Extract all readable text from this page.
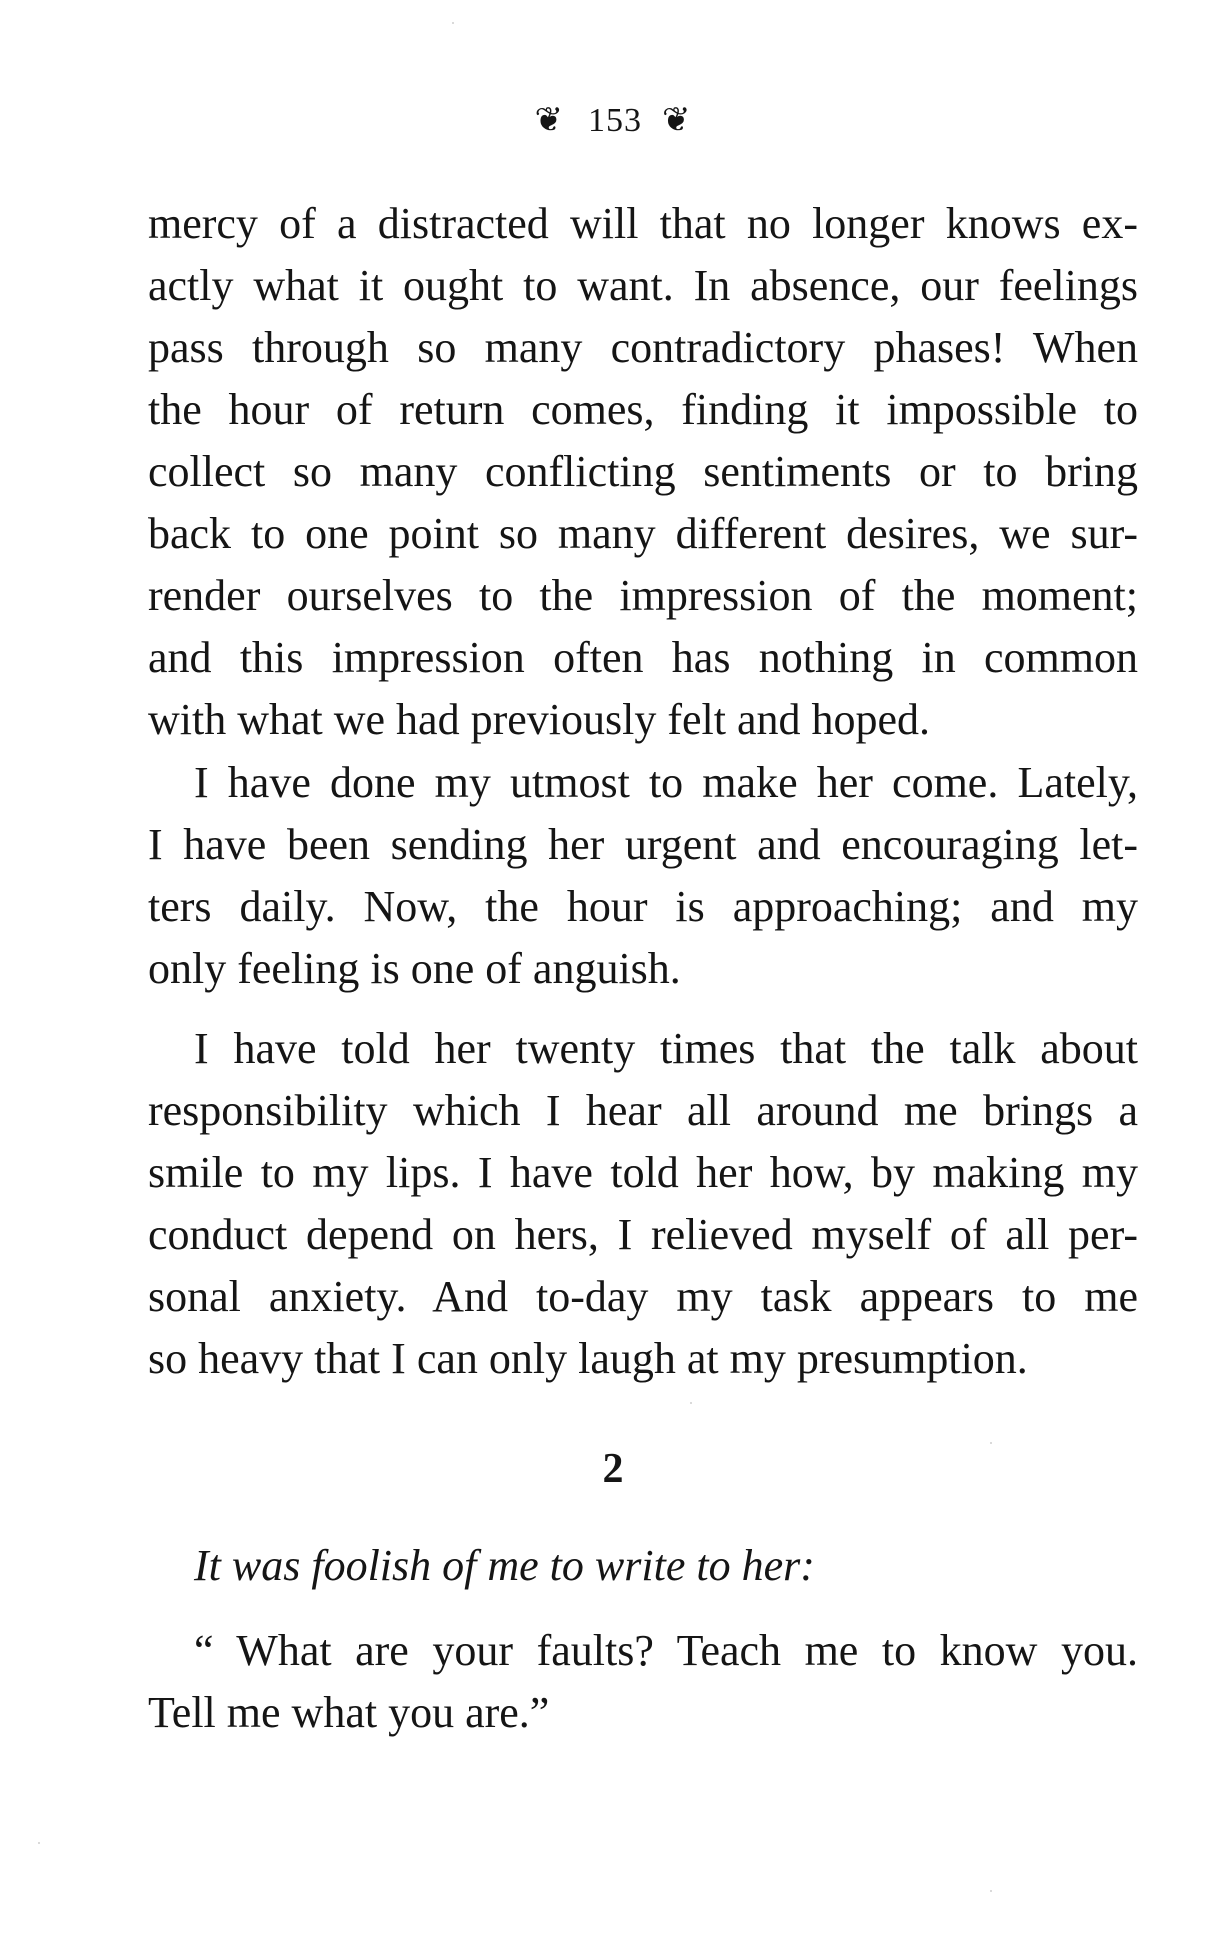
❦ 153 ❦
mercy of a distracted will that no longer knows ex-
actly what it ought to want. In absence, our feelings
pass through so many contradictory phases! When
the hour of return comes, finding it impossible to
collect so many conflicting sentiments or to bring
back to one point so many different desires, we sur-
render ourselves to the impression of the moment;
and this impression often has nothing in common
with what we had previously felt and hoped.
I have done my utmost to make her come. Lately,
I have been sending her urgent and encouraging let-
ters daily. Now, the hour is approaching; and my
only feeling is one of anguish.
I have told her twenty times that the talk about
responsibility which I hear all around me brings a
smile to my lips. I have told her how, by making my
conduct depend on hers, I relieved myself of all per-
sonal anxiety. And to-day my task appears to me
so heavy that I can only laugh at my presumption.
2
It was foolish of me to write to her:
“ What are your faults? Teach me to know you.
Tell me what you are.”
